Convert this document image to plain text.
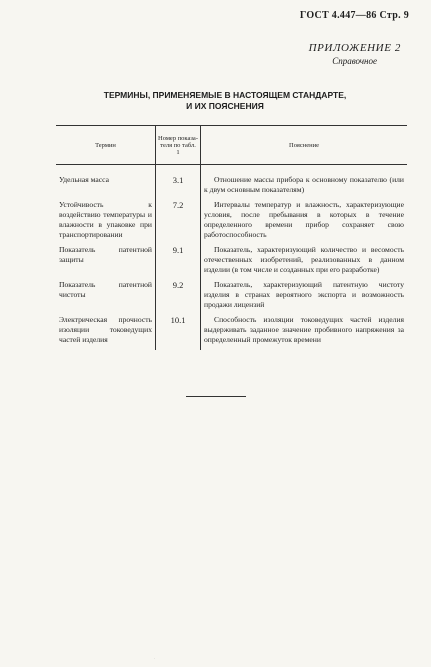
ГОСТ 4.447—86 Стр. 9
ПРИЛОЖЕНИЕ 2
Справочное
ТЕРМИНЫ, ПРИМЕНЯЕМЫЕ В НАСТОЯЩЕМ СТАНДАРТЕ,
И ИХ ПОЯСНЕНИЯ
Термин	Номер показа-теля по табл. 1	Пояснение
Удельная масса	3.1	Отношение массы прибора к основному показателю (или к двум основным показателям)
Устойчивость к воздействию температуры и влажности в упаковке при транспортировании	7.2	Интервалы температур и влажность, характеризующие условия, после пребывания в которых в течение определенного времени прибор сохраняет свою работоспособность
Показатель патентной защиты	9.1	Показатель, характеризующий количество и весомость отечественных изобретений, реализованных в данном изделии (в том числе и созданных при его разработке)
Показатель патентной чистоты	9.2	Показатель, характеризующий патентную чистоту изделия в странах вероятного экспорта и возможность продажи лицензий
Электрическая прочность изоляции токоведущих частей изделия	10.1	Способность изоляции токоведущих частей изделия выдерживать заданное значение пробивного напряжения за определенный промежуток времени
·
